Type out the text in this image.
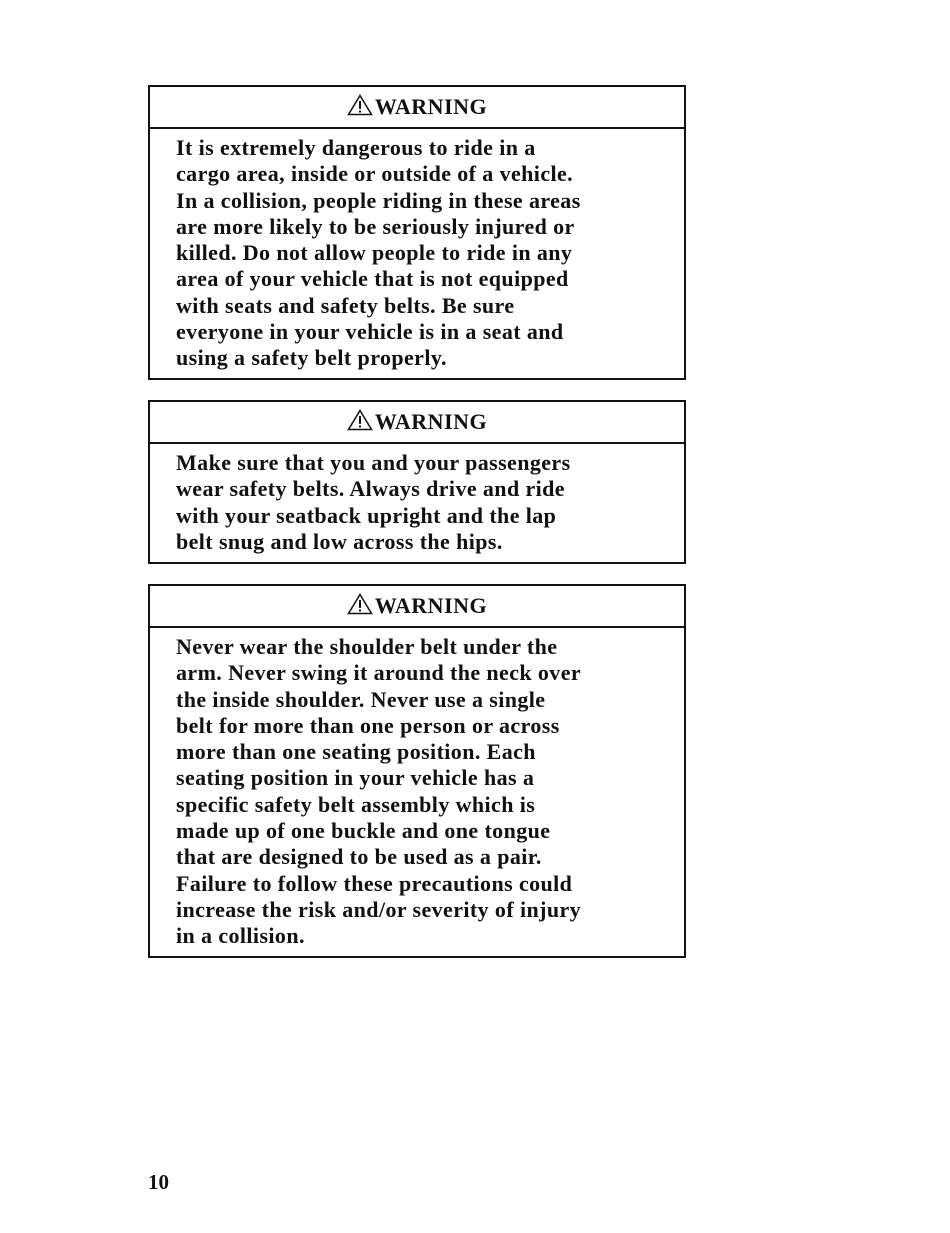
WARNING
It is extremely dangerous to ride in a
cargo area, inside or outside of a vehicle.
In a collision, people riding in these areas
are more likely to be seriously injured or
killed. Do not allow people to ride in any
area of your vehicle that is not equipped
with seats and safety belts. Be sure
everyone in your vehicle is in a seat and
using a safety belt properly.
WARNING
Make sure that you and your passengers
wear safety belts. Always drive and ride
with your seatback upright and the lap
belt snug and low across the hips.
WARNING
Never wear the shoulder belt under the
arm. Never swing it around the neck over
the inside shoulder. Never use a single
belt for more than one person or across
more than one seating position. Each
seating position in your vehicle has a
specific safety belt assembly which is
made up of one buckle and one tongue
that are designed to be used as a pair.
Failure to follow these precautions could
increase the risk and/or severity of injury
in a collision.
10
